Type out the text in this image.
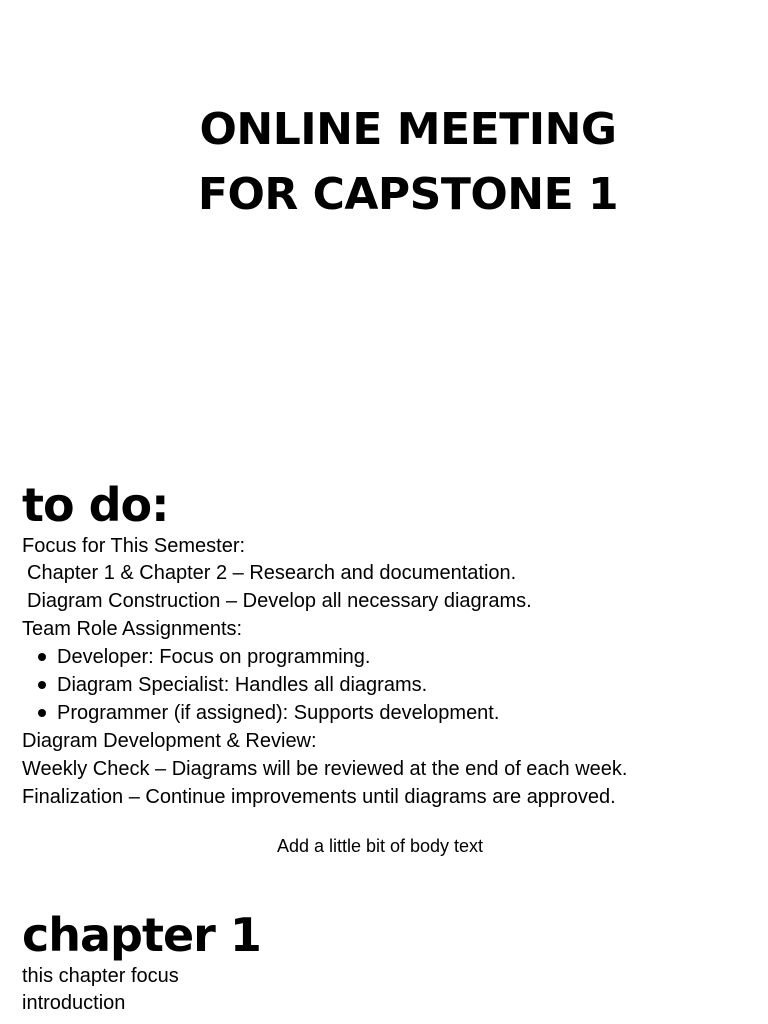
ONLINE MEETING
FOR CAPSTONE 1
to do:
Focus for This Semester:
Chapter 1 & Chapter 2 – Research and documentation.
Diagram Construction – Develop all necessary diagrams.
Team Role Assignments:
Developer: Focus on programming.
Diagram Specialist: Handles all diagrams.
Programmer (if assigned): Supports development.
Diagram Development & Review:
Weekly Check – Diagrams will be reviewed at the end of each week.
Finalization – Continue improvements until diagrams are approved.
Add a little bit of body text
chapter 1
this chapter focus
introduction
